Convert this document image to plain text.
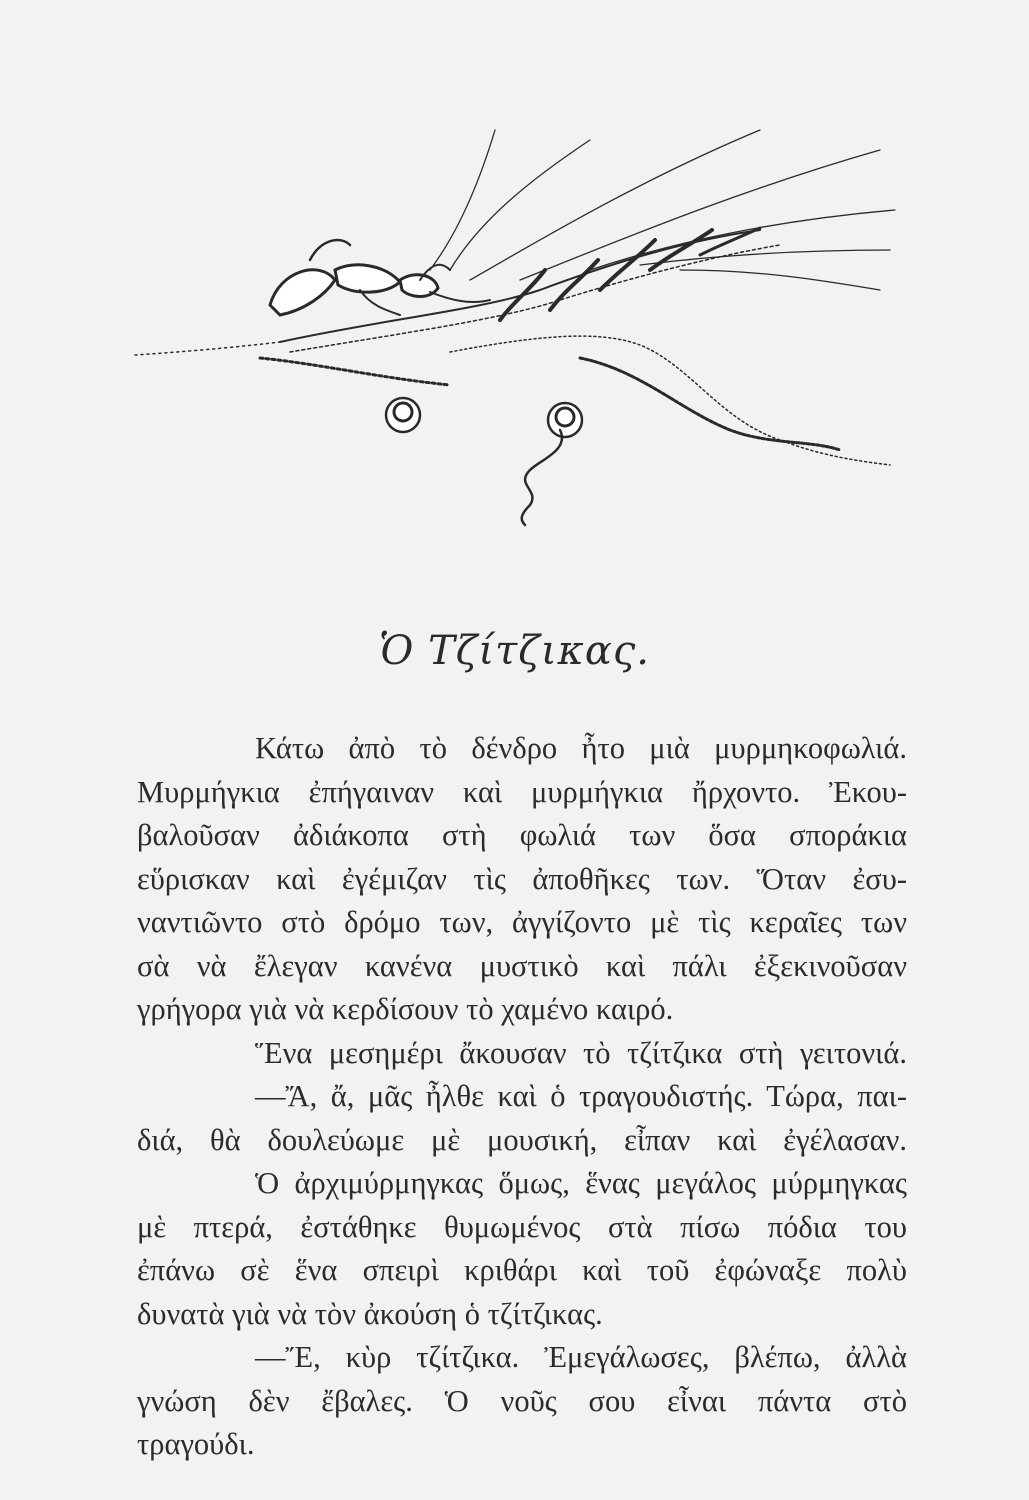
Ὁ Τζίτζικας.
Κάτω ἀπὸ τὸ δένδρο ἦτο μιὰ μυρμηκοφωλιά.
Μυρμήγκια ἐπήγαιναν καὶ μυρμήγκια ἤρχοντο. Ἐκου-
βαλοῦσαν ἀδιάκοπα στὴ φωλιά των ὅσα σποράκια
εὕρισκαν καὶ ἐγέμιζαν τὶς ἀποθῆκες των. Ὅταν ἐσυ-
ναντιῶντο στὸ δρόμο των, ἀγγίζοντο μὲ τὶς κεραῖες των
σὰ νὰ ἔλεγαν κανένα μυστικὸ καὶ πάλι ἐξεκινοῦσαν
γρήγορα γιὰ νὰ κερδίσουν τὸ χαμένο καιρό.
Ἕνα μεσημέρι ἄκουσαν τὸ τζίτζικα στὴ γειτονιά.
—Ἄ, ἄ, μᾶς ἦλθε καὶ ὁ τραγουδιστής. Τώρα, παι-
διά, θὰ δουλεύωμε μὲ μουσική, εἶπαν καὶ ἐγέλασαν.
Ὁ ἀρχιμύρμηγκας ὅμως, ἕνας μεγάλος μύρμηγκας
μὲ πτερά, ἐστάθηκε θυμωμένος στὰ πίσω πόδια του
ἐπάνω σὲ ἕνα σπειρὶ κριθάρι καὶ τοῦ ἐφώναξε πολὺ
δυνατὰ γιὰ νὰ τὸν ἀκούση ὁ τζίτζικας.
—Ἔ, κὺρ τζίτζικα. Ἐμεγάλωσες, βλέπω, ἀλλὰ
γνώση δὲν ἔβαλες. Ὁ νοῦς σου εἶναι πάντα στὸ
τραγούδι.
